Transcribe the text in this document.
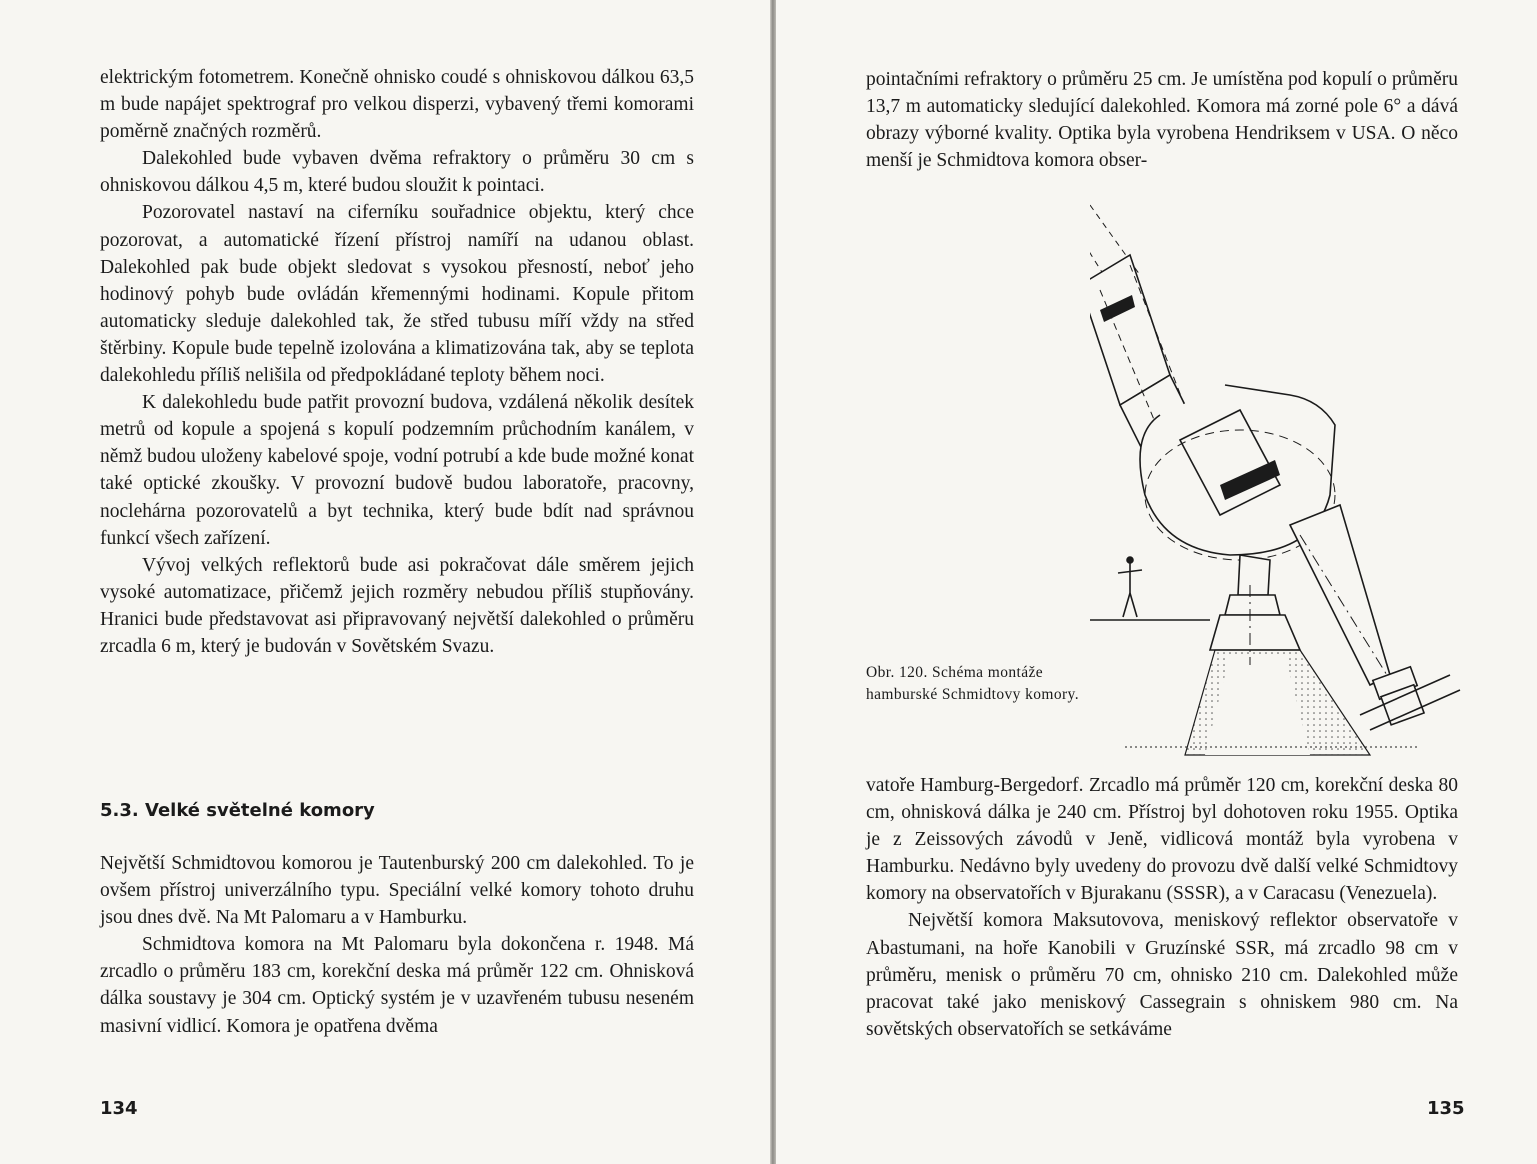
elektrickým fotometrem. Konečně ohnisko coudé s ohniskovou dálkou 63,5 m bude napájet spektrograf pro velkou disperzi, vybavený třemi komorami poměrně značných rozměrů.

Dalekohled bude vybaven dvěma refraktory o průměru 30 cm s ohniskovou dálkou 4,5 m, které budou sloužit k pointaci.

Pozorovatel nastaví na ciferníku souřadnice objektu, který chce pozorovat, a automatické řízení přístroj namíří na udanou oblast. Dalekohled pak bude objekt sledovat s vysokou přesností, neboť jeho hodinový pohyb bude ovládán křemennými hodinami. Kopule přitom automaticky sleduje dalekohled tak, že střed tubusu míří vždy na střed štěrbiny. Kopule bude tepelně izolována a klimatizována tak, aby se teplota dalekohledu příliš nelišila od předpokládané teploty během noci.

K dalekohledu bude patřit provozní budova, vzdálená několik desítek metrů od kopule a spojená s kopulí podzemním průchodním kanálem, v němž budou uloženy kabelové spoje, vodní potrubí a kde bude možné konat také optické zkoušky. V provozní budově budou laboratoře, pracovny, noclehárna pozorovatelů a byt technika, který bude bdít nad správnou funkcí všech zařízení.

Vývoj velkých reflektorů bude asi pokračovat dále směrem jejich vysoké automatizace, přičemž jejich rozměry nebudou příliš stupňovány. Hranici bude představovat asi připravovaný největší dalekohled o průměru zrcadla 6 m, který je budován v Sovětském Svazu.

5.3. Velké světelné komory

Největší Schmidtovou komorou je Tautenburský 200 cm dalekohled. To je ovšem přístroj univerzálního typu. Speciální velké komory tohoto druhu jsou dnes dvě. Na Mt Palomaru a v Hamburku.

Schmidtova komora na Mt Palomaru byla dokončena r. 1948. Má zrcadlo o průměru 183 cm, korekční deska má průměr 122 cm. Ohnisková dálka soustavy je 304 cm. Optický systém je v uzavřeném tubusu neseném masivní vidlicí. Komora je opatřena dvěma

134

pointačními refraktory o průměru 25 cm. Je umístěna pod kopulí o průměru 13,7 m automaticky sledující dalekohled. Komora má zorné pole 6° a dává obrazy výborné kvality. Optika byla vyrobena Hendriksem v USA. O něco menší je Schmidtova komora obser-

Obr. 120. Schéma montáže hamburské Schmidtovy komory.

vatoře Hamburg-Bergedorf. Zrcadlo má průměr 120 cm, korekční deska 80 cm, ohnisková dálka je 240 cm. Přístroj byl dohotoven roku 1955. Optika je z Zeissových závodů v Jeně, vidlicová montáž byla vyrobena v Hamburku. Nedávno byly uvedeny do provozu dvě další velké Schmidtovy komory na observatořích v Bjurakanu (SSSR), a v Caracasu (Venezuela).

Největší komora Maksutovova, meniskový reflektor observatoře v Abastumani, na hoře Kanobili v Gruzínské SSR, má zrcadlo 98 cm v průměru, menisk o průměru 70 cm, ohnisko 210 cm. Dalekohled může pracovat také jako meniskový Cassegrain s ohniskem 980 cm. Na sovětských observatořích se setkáváme

135
